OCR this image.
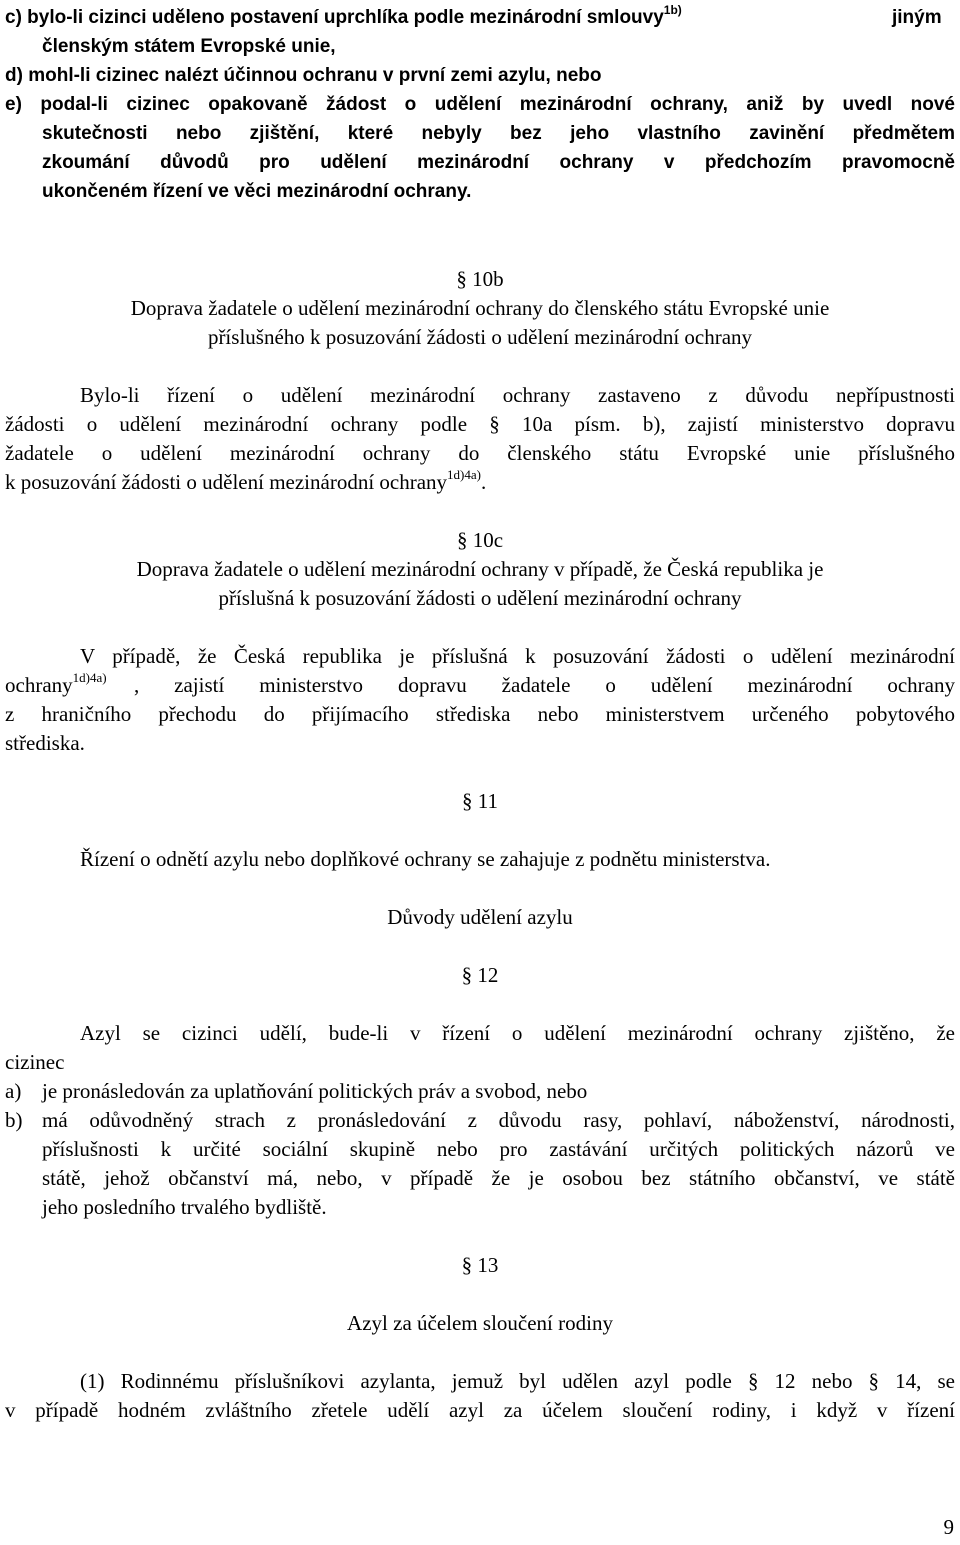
c) bylo-li cizinci uděleno postavení uprchlíka podle mezinárodní smlouvy$^{1b)}$	jiným
členským státem Evropské unie,
d) mohl-li cizinec nalézt účinnou ochranu v první zemi azylu, nebo
e) podal-li cizinec opakovaně žádost o udělení mezinárodní ochrany, aniž by uvedl nové
skutečnosti nebo zjištění, které nebyly bez jeho vlastního zavinění předmětem
zkoumání důvodů pro udělení mezinárodní ochrany v předchozím pravomocně
ukončeném řízení ve věci mezinárodní ochrany.
§ 10b
Doprava žadatele o udělení mezinárodní ochrany do členského státu Evropské unie
příslušného k posuzování žádosti o udělení mezinárodní ochrany
Bylo-li řízení o udělení mezinárodní ochrany zastaveno z důvodu nepřípustnosti
žádosti o udělení mezinárodní ochrany podle § 10a písm. b), zajistí ministerstvo dopravu
žadatele o udělení mezinárodní ochrany do členského státu Evropské unie příslušného
k posuzování žádosti o udělení mezinárodní ochrany$^{1d)4a)}$.
§ 10c
Doprava žadatele o udělení mezinárodní ochrany v případě, že Česká republika je
příslušná k posuzování žádosti o udělení mezinárodní ochrany
V případě, že Česká republika je příslušná k posuzování žádosti o udělení mezinárodní
ochrany$^{1d)4a)}$ , zajistí ministerstvo dopravu žadatele o udělení mezinárodní ochrany
z hraničního přechodu do přijímacího střediska nebo ministerstvem určeného pobytového
střediska.
§ 11
Řízení o odnětí azylu nebo doplňkové ochrany se zahajuje z podnětu ministerstva.
Důvody udělení azylu
§ 12
Azyl se cizinci udělí, bude-li v řízení o udělení mezinárodní ochrany zjištěno, že
cizinec
a) je pronásledován za uplatňování politických práv a svobod, nebo
b) má odůvodněný strach z pronásledování z důvodu rasy, pohlaví, náboženství, národnosti,
příslušnosti k určité sociální skupině nebo pro zastávání určitých politických názorů ve
státě, jehož občanství má, nebo, v případě že je osobou bez státního občanství, ve státě
jeho posledního trvalého bydliště.
§ 13
Azyl za účelem sloučení rodiny
(1) Rodinnému příslušníkovi azylanta, jemuž byl udělen azyl podle § 12 nebo § 14, se
v případě hodném zvláštního zřetele udělí azyl za účelem sloučení rodiny, i když v řízení
9
